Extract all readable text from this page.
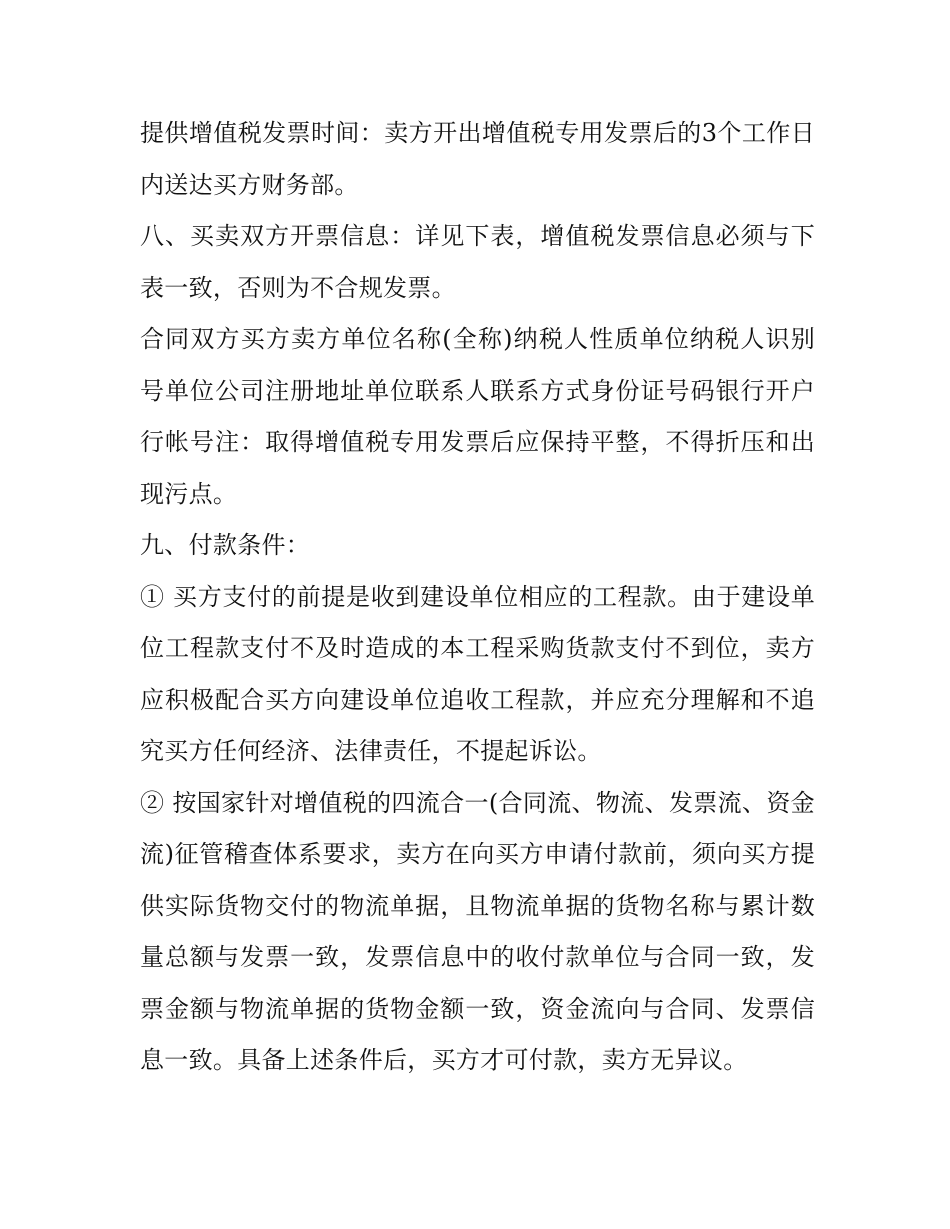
提供增值税发票时间：卖方开出增值税专用发票后的3个工作日内送达买方财务部。

八、买卖双方开票信息：详见下表，增值税发票信息必须与下表一致，否则为不合规发票。

合同双方买方卖方单位名称(全称)纳税人性质单位纳税人识别号单位公司注册地址单位联系人联系方式身份证号码银行开户行帐号注：取得增值税专用发票后应保持平整，不得折压和出现污点。

九、付款条件：

① 买方支付的前提是收到建设单位相应的工程款。由于建设单位工程款支付不及时造成的本工程采购货款支付不到位，卖方应积极配合买方向建设单位追收工程款，并应充分理解和不追究买方任何经济、法律责任，不提起诉讼。

② 按国家针对增值税的四流合一(合同流、物流、发票流、资金流)征管稽查体系要求，卖方在向买方申请付款前，须向买方提供实际货物交付的物流单据，且物流单据的货物名称与累计数量总额与发票一致，发票信息中的收付款单位与合同一致，发票金额与物流单据的货物金额一致，资金流向与合同、发票信息一致。具备上述条件后，买方才可付款，卖方无异议。
